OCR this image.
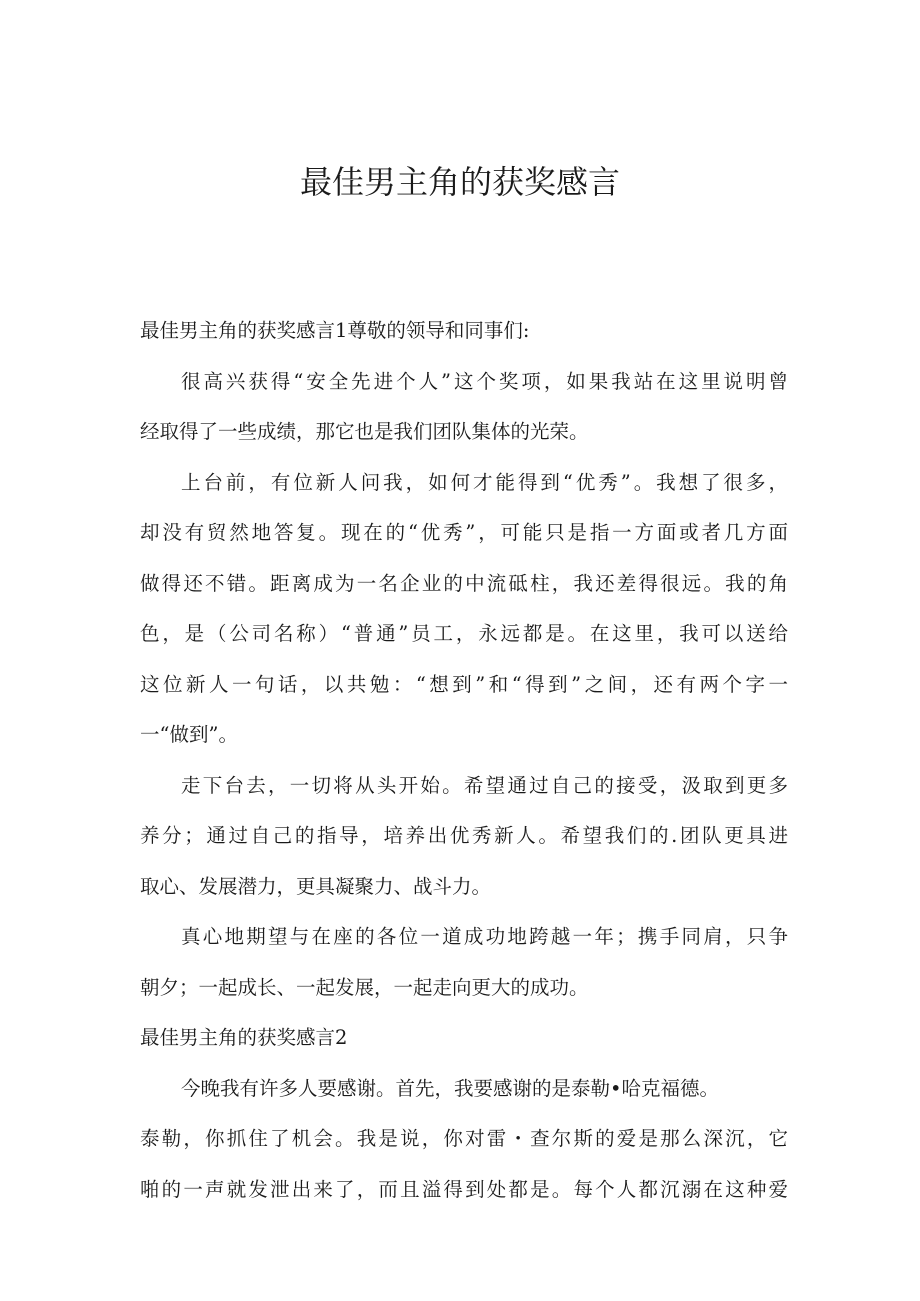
最佳男主角的获奖感言
最佳男主角的获奖感言1尊敬的领导和同事们:
很高兴获得“安全先进个人”这个奖项，如果我站在这里说明曾
经取得了一些成绩，那它也是我们团队集体的光荣。
上台前，有位新人问我，如何才能得到“优秀”。我想了很多，
却没有贸然地答复。现在的“优秀”，可能只是指一方面或者几方面
做得还不错。距离成为一名企业的中流砥柱，我还差得很远。我的角
色，是（公司名称）“普通”员工，永远都是。在这里，我可以送给
这位新人一句话，以共勉：“想到”和“得到”之间，还有两个字一
一“做到”。
走下台去，一切将从头开始。希望通过自己的接受，汲取到更多
养分；通过自己的指导，培养出优秀新人。希望我们的.团队更具进
取心、发展潜力，更具凝聚力、战斗力。
真心地期望与在座的各位一道成功地跨越一年；携手同肩，只争
朝夕；一起成长、一起发展，一起走向更大的成功。
最佳男主角的获奖感言2
今晚我有许多人要感谢。首先，我要感谢的是泰勒•哈克福德。
泰勒，你抓住了机会。我是说，你对雷・查尔斯的爱是那么深沉，它
啪的一声就发泄出来了，而且溢得到处都是。每个人都沉溺在这种爱
